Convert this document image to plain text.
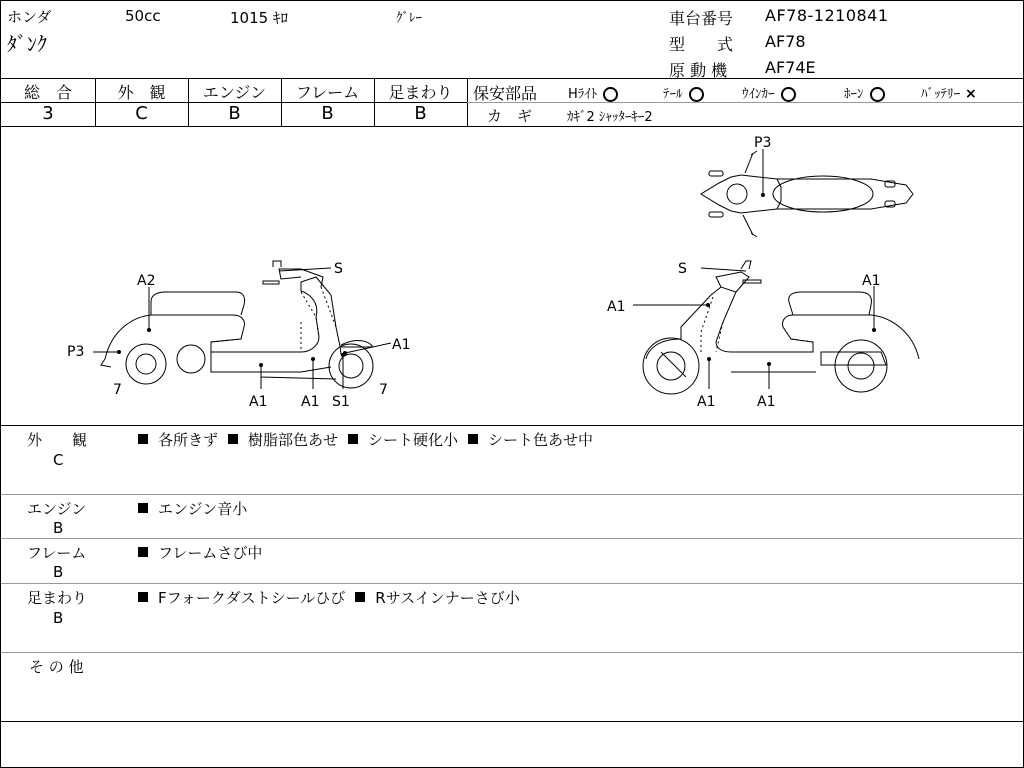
ホンダ	50cc	1015 ｷﾛ	ｸﾞﾚｰ
ﾀﾞﾝｸ
車台番号 AF78-1210841
型　　式 AF78
原 動 機 AF74E
総　合	外　観	エンジン	フレーム	足まわり
3	C	B	B	B
保安部品 Hﾗｲﾄ	ﾃｰﾙ	ｳｲﾝｶｰ	ﾎｰﾝ	ﾊﾞｯﾃﾘｰ ×
カ　ギ	ｶｷﾞ2 ｼｬｯﾀｰｷｰ2
P3
S
A2
P3	A1
7
A1 A1 S1
7
S
A1
A1
A1	A1
外　　観
C
各所きず 樹脂部色あせ シート硬化小 シート色あせ中
エンジン
B
エンジン音小
フレーム
B
フレームさび中
足まわり
B
Fフォークダストシールひび Rサスインナーさび小
そ の 他
